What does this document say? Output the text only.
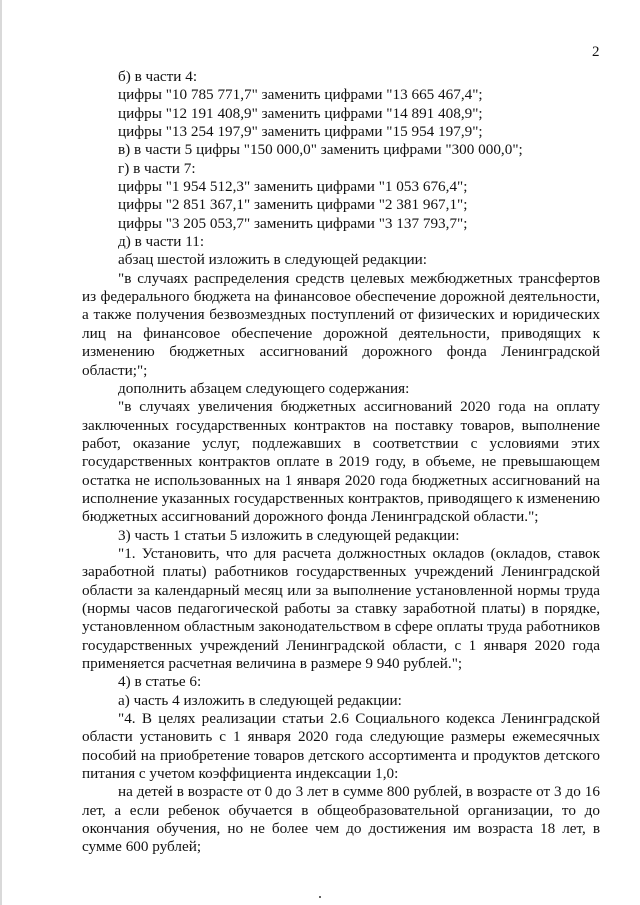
2

б) в части 4:

цифры "10 785 771,7" заменить цифрами "13 665 467,4";

цифры "12 191 408,9" заменить цифрами "14 891 408,9";

цифры "13 254 197,9" заменить цифрами "15 954 197,9";

в) в части 5 цифры "150 000,0" заменить цифрами "300 000,0";

г) в части 7:

цифры "1 954 512,3" заменить цифрами "1 053 676,4";

цифры "2 851 367,1" заменить цифрами "2 381 967,1";

цифры "3 205 053,7" заменить цифрами "3 137 793,7";

д) в части 11:

абзац шестой изложить в следующей редакции:

"в случаях распределения средств целевых межбюджетных трансфертов из федерального бюджета на финансовое обеспечение дорожной деятельности, а также получения безвозмездных поступлений от физических и юридических лиц на финансовое обеспечение дорожной деятельности, приводящих к изменению бюджетных ассигнований дорожного фонда Ленинградской области;";

дополнить абзацем следующего содержания:

"в случаях увеличения бюджетных ассигнований 2020 года на оплату заключенных государственных контрактов на поставку товаров, выполнение работ, оказание услуг, подлежавших в соответствии с условиями этих государственных контрактов оплате в 2019 году, в объеме, не превышающем остатка не использованных на 1 января 2020 года бюджетных ассигнований на исполнение указанных государственных контрактов, приводящего к изменению бюджетных ассигнований дорожного фонда Ленинградской области.";

3) часть 1 статьи 5 изложить в следующей редакции:

"1. Установить, что для расчета должностных окладов (окладов, ставок заработной платы) работников государственных учреждений Ленинградской области за календарный месяц или за выполнение установленной нормы труда (нормы часов педагогической работы за ставку заработной платы) в порядке, установленном областным законодательством в сфере оплаты труда работников государственных учреждений Ленинградской области, с 1 января 2020 года применяется расчетная величина в размере 9 940 рублей.";

4) в статье 6:

а) часть 4 изложить в следующей редакции:

"4. В целях реализации статьи 2.6 Социального кодекса Ленинградской области установить с 1 января 2020 года следующие размеры ежемесячных пособий на приобретение товаров детского ассортимента и продуктов детского питания с учетом коэффициента индексации 1,0:

на детей в возрасте от 0 до 3 лет в сумме 800 рублей, в возрасте от 3 до 16 лет, а если ребенок обучается в общеобразовательной организации, то до окончания обучения, но не более чем до достижения им возраста 18 лет, в сумме 600 рублей;
